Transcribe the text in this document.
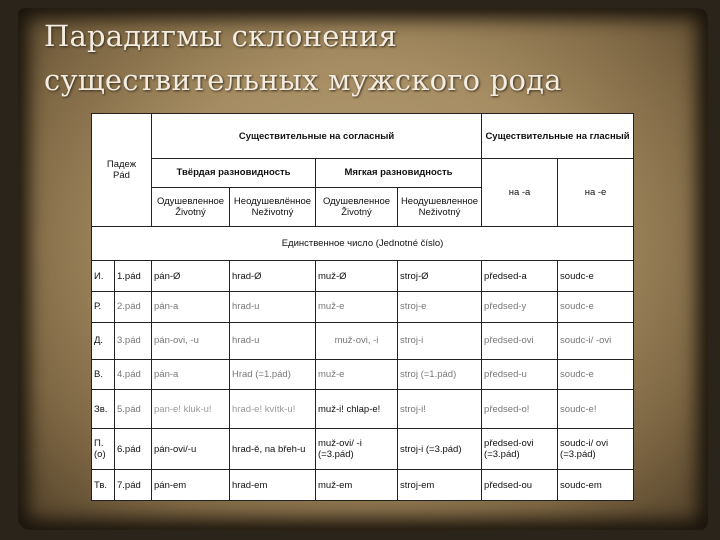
Парадигмы склонения
существительных мужского рода
Падеж
Pád		Существительные на согласный				Существительные на гласный	
		Твёрдая разновидность		Мягкая разновидность		на -a	на -e
		Одушевленное Životný	Неодушевлённое Neživotný	Одушевленное Životný	Неодушевленное Neživotný		
Единственное число (Jednotné číslo)							
И.	1.pád	pán-Ø	hrad-Ø	muž-Ø	stroj-Ø	předsed-a	soudc-e
Р.	2.pád	pán-a	hrad-u	muž-e	stroj-e	předsed-y	soudc-e
Д.	3.pád	pán-ovi, -u	hrad-u	muž-ovi, -i	stroj-i	předsed-ovi	soudc-i/ -ovi
В.	4.pád	pán-a	Hrad (=1.pád)	muž-e	stroj (=1.pád)	předsed-u	soudc-e
Зв.	5.pád	pan-e! kluk-u!	hrad-e! kvítk-u!	muž-i! chlap-e!	stroj-i!	předsed-o!	soudc-e!
П. (о)	6.pád	pán-ovi/-u	hrad-ě, na břeh-u	muž-ovi/ -i (=3.pád)	stroj-i (=3.pád)	předsed-ovi (=3.pád)	soudc-i/ ovi (=3.pád)
Тв.	7.pád	pán-em	hrad-em	muž-em	stroj-em	předsed-ou	soudc-em
